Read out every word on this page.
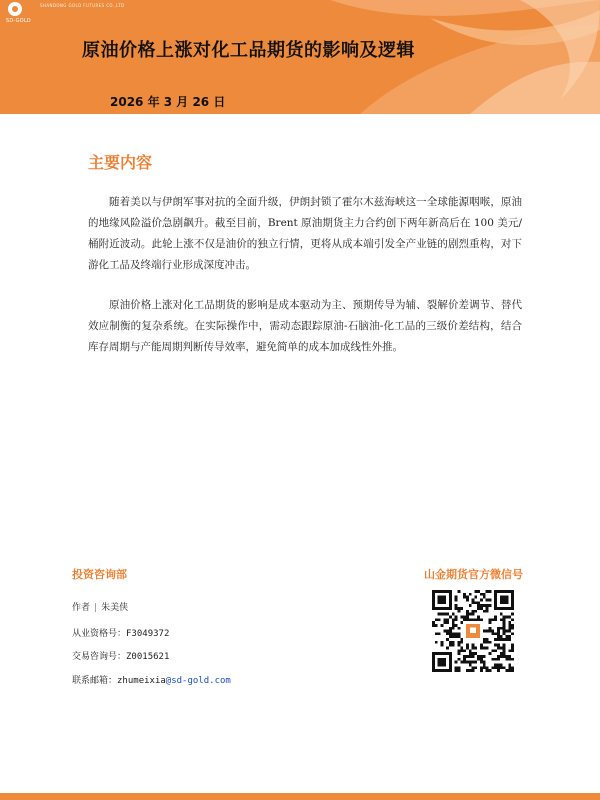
SD-GOLD
SHANDONG GOLD FUTURES CO.,LTD
原油价格上涨对化工品期货的影响及逻辑
2026 年 3 月 26 日
主要内容

随着美以与伊朗军事对抗的全面升级，伊朗封锁了霍尔木兹海峡这一全球能源咽喉，原油的地缘风险溢价急剧飙升。截至目前，Brent 原油期货主力合约创下两年新高后在 100 美元/桶附近波动。此轮上涨不仅是油价的独立行情，更将从成本端引发全产业链的剧烈重构，对下游化工品及终端行业形成深度冲击。

原油价格上涨对化工品期货的影响是成本驱动为主、预期传导为辅、裂解价差调节、替代效应制衡的复杂系统。在实际操作中，需动态跟踪原油-石脑油-化工品的三级价差结构，结合库存周期与产能周期判断传导效率，避免简单的成本加成线性外推。

投资咨询部	山金期货官方微信号
作者 | 朱美侠
从业资格号：F3049372
交易咨询号：Z0015621
联系邮箱：zhumeixia@sd-gold.com
